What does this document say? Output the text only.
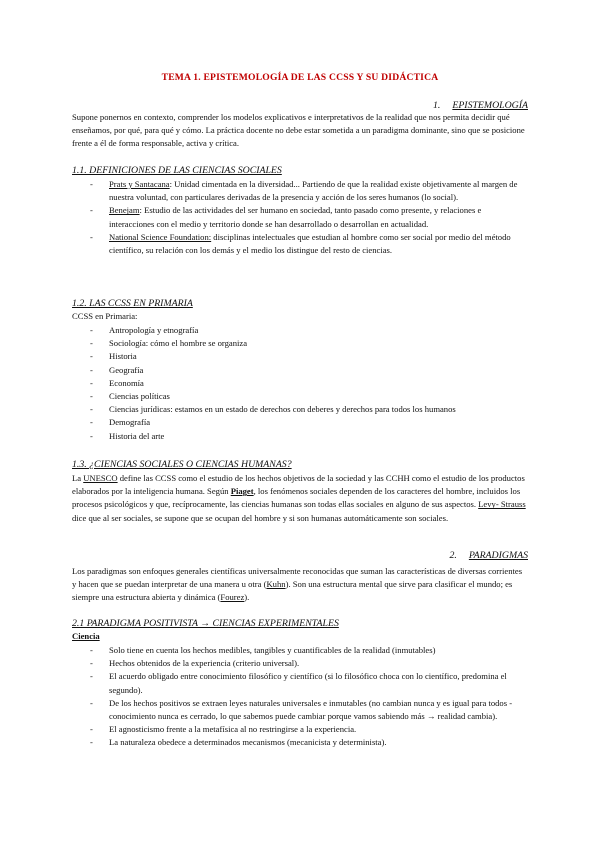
TEMA 1. EPISTEMOLOGÍA DE LAS CCSS Y SU DIDÁCTICA
1. EPISTEMOLOGÍA
Supone ponernos en contexto, comprender los modelos explicativos e interpretativos de la realidad que nos permita decidir qué enseñamos, por qué, para qué y cómo. La práctica docente no debe estar sometida a un paradigma dominante, sino que se posicione frente a él de forma responsable, activa y crítica.
1.1. DEFINICIONES DE LAS CIENCIAS SOCIALES
- Prats y Santacana: Unidad cimentada en la diversidad... Partiendo de que la realidad existe objetivamente al margen de nuestra voluntad, con particulares derivadas de la presencia y acción de los seres humanos (lo social).
- Benejam: Estudio de las actividades del ser humano en sociedad, tanto pasado como presente, y relaciones e interacciones con el medio y territorio donde se han desarrollado o desarrollan en actualidad.
- National Science Foundation: disciplinas intelectuales que estudian al hombre como ser social por medio del método científico, su relación con los demás y el medio los distingue del resto de ciencias.
1.2. LAS CCSS EN PRIMARIA
CCSS en Primaria:
- Antropología y etnografía
- Sociología: cómo el hombre se organiza
- Historia
- Geografía
- Economía
- Ciencias políticas
- Ciencias jurídicas: estamos en un estado de derechos con deberes y derechos para todos los humanos
- Demografía
- Historia del arte
1.3. ¿CIENCIAS SOCIALES O CIENCIAS HUMANAS?
La UNESCO define las CCSS como el estudio de los hechos objetivos de la sociedad y las CCHH como el estudio de los productos elaborados por la inteligencia humana. Según Piaget, los fenómenos sociales dependen de los caracteres del hombre, incluidos los procesos psicológicos y que, recíprocamente, las ciencias humanas son todas ellas sociales en alguno de sus aspectos. Levy- Strauss dice que al ser sociales, se supone que se ocupan del hombre y si son humanas automáticamente son sociales.
2. PARADIGMAS
Los paradigmas son enfoques generales científicas universalmente reconocidas que suman las características de diversas corrientes y hacen que se puedan interpretar de una manera u otra (Kuhn). Son una estructura mental que sirve para clasificar el mundo; es siempre una estructura abierta y dinámica (Fourez).
2.1 PARADIGMA POSITIVISTA → CIENCIAS EXPERIMENTALES
Ciencia
- Solo tiene en cuenta los hechos medibles, tangibles y cuantificables de la realidad (inmutables)
- Hechos obtenidos de la experiencia (criterio universal).
- El acuerdo obligado entre conocimiento filosófico y científico (si lo filosófico choca con lo científico, predomina el segundo).
- De los hechos positivos se extraen leyes naturales universales e inmutables (no cambian nunca y es igual para todos - conocimiento nunca es cerrado, lo que sabemos puede cambiar porque vamos sabiendo más → realidad cambia).
- El agnosticismo frente a la metafísica al no restringirse a la experiencia.
- La naturaleza obedece a determinados mecanismos (mecanicista y determinista).
